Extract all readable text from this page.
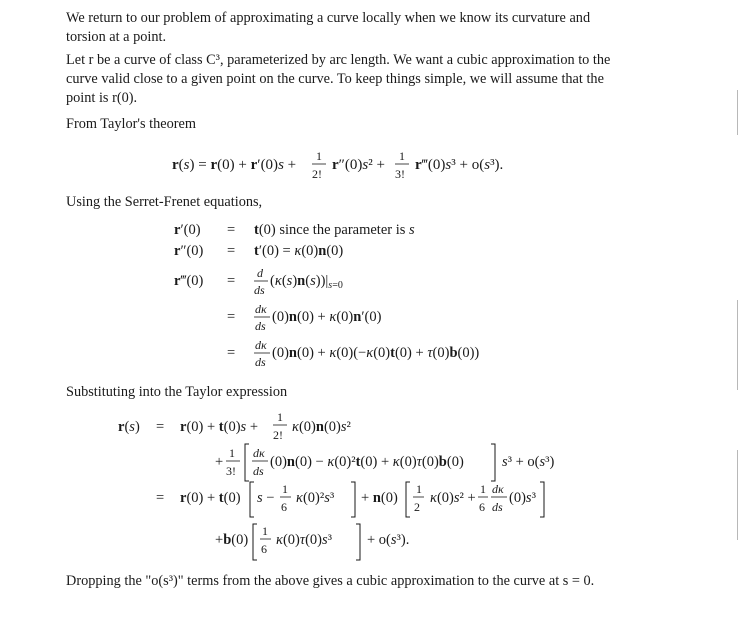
We return to our problem of approximating a curve locally when we know its curvature and torsion at a point.

Let r be a curve of class C³, parameterized by arc length. We want a cubic approximation to the curve valid close to a given point on the curve. To keep things simple, we will assume that the point is r(0).

From Taylor's theorem

r(s) = r(0) + r′(0)s +
1
2!
r″(0)s² +
1
3!
r‴(0)s³ + o(s³).

Using the Serret-Frenet equations,

r′(0)
r″(0)
r‴(0)
=
=
=
=
=
t(0) since the parameter is s
t′(0) = κ(0)n(0)
d
ds
$(\kappa(s)n(s))|_{s=0}$
dκ
ds
(0)n(0) + κ(0)n′(0)
dκ
ds
(0)n(0) + κ(0)(−κ(0)t(0) + τ(0)b(0))

Substituting into the Taylor expression

r(s) =
=
r(0) + t(0)s +
1
2! κ(0)n(0)s²
+
1
3!
dκ
ds
(0)n(0) − κ(0)²t(0) + κ(0)τ(0)b(0)	s³ + o(s³)
r(0) + t(0) s −
1
6
κ(0)²s³ + n(0)
1
2
κ(0)s² +
1
6
dκ
ds
(0)s³
+b(0)
1
6
κ(0)τ(0)s³ + o(s³).

Dropping the "o(s³)" terms from the above gives a cubic approximation to the curve at s = 0.
